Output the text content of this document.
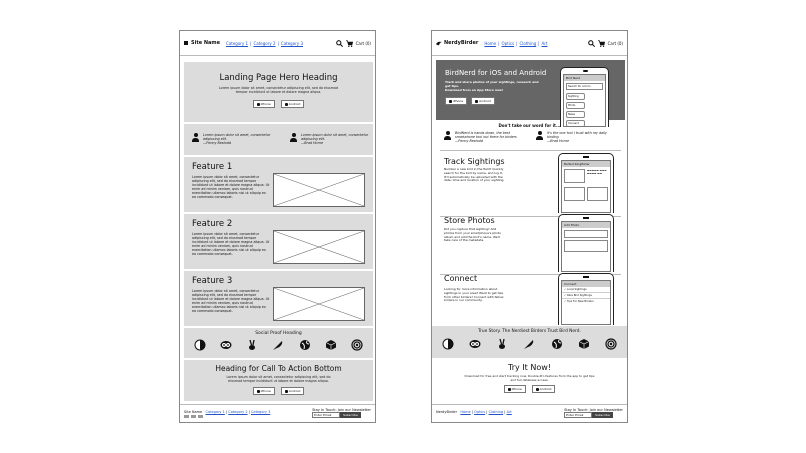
Site Name Category 1 | Category 2 | Category 3	Cart (0)
Landing Page Hero Heading
Lorem ipsum dolor sit amet, consectetur adipiscing elit, sed do eiusmod tempor incididunt ut labore et dolore magna aliqua.
iPhone	Android
Lorem ipsum dolor sit amet, consectetur adipiscing elit.
—Penny Bestodd
Lorem ipsum dolor sit amet, consectetur adipiscing elit.
—Brad Horne
Feature 1
Lorem ipsum dolor sit amet, consectetur adipiscing elit, sed do eiusmod tempor incididunt ut labore et dolore magna aliqua. Ut enim ad minim veniam, quis nostrud exercitation ullamco laboris nisi ut aliquip ex ea commodo consequat.
Feature 2
Lorem ipsum dolor sit amet, consectetur adipiscing elit, sed do eiusmod tempor incididunt ut labore et dolore magna aliqua. Ut enim ad minim veniam, quis nostrud exercitation ullamco laboris nisi ut aliquip ex ea commodo consequat.
Feature 3
Lorem ipsum dolor sit amet, consectetur adipiscing elit, sed do eiusmod tempor incididunt ut labore et dolore magna aliqua. Ut enim ad minim veniam, quis nostrud exercitation ullamco laboris nisi ut aliquip ex ea commodo consequat.
Social Proof Heading
Heading for Call To Action Bottom
Lorem ipsum dolor sit amet, consectetur adipiscing elit, sed do eiusmod tempor incididunt ut labore et dolore magna aliqua.
iPhone	Android
Site Name Category 1 | Category 2 | Category 3	Stay In Touch: Join our Newsletter
Enter Email	Subscribe
NerdyBirder Home | Optics | Clothing | Art	Cart (0)
BirdNerd for iOS and Android
Track and share photos of your sightings, research and get tips.
Download from an App Store now!
iPhone	Android
Bird Nerd
Search for a bird...
Sighting
Photo
News
Connect
Don't take our word for it...
BirdNerd is hands down, the best smartphone tool out there for birders
—Penny Bestodd
It's the one tool I trust with my daily birding.
—Brad Horne
Track Sightings
Number a new bird in the field? Quickly search for the bird by name, and log it. It'll automatically be uploaded with the date, time and location of your sighting.
Belted Kingfisher
▬▬▬▬▬ ▬▬▬ ▬▬▬▬ ▬▬
Store Photos
Did you capture that sighting? Add photos from your smartphone's photo album and add the bird's name. We'll take care of the metadata.
Add Photo
Connect
Looking for more information about sightings in your area? Want to get tips from other birders? Connect with fellow birders in our community.
Connect
✓ Local Sightings
✓ Rare Bird Sightings
✓ Tips For New Birders
True Story. The Nerdiest Birders Trust Bird Nerd.
Try It Now!
Download for free and start tracking now. Double-Pro features from the app to get tips and full database access.
iPhone	Android
NerdyBirder Home | Optics | Clothing | Art	Stay In Touch: Join our Newsletter
Enter Email	Subscribe
